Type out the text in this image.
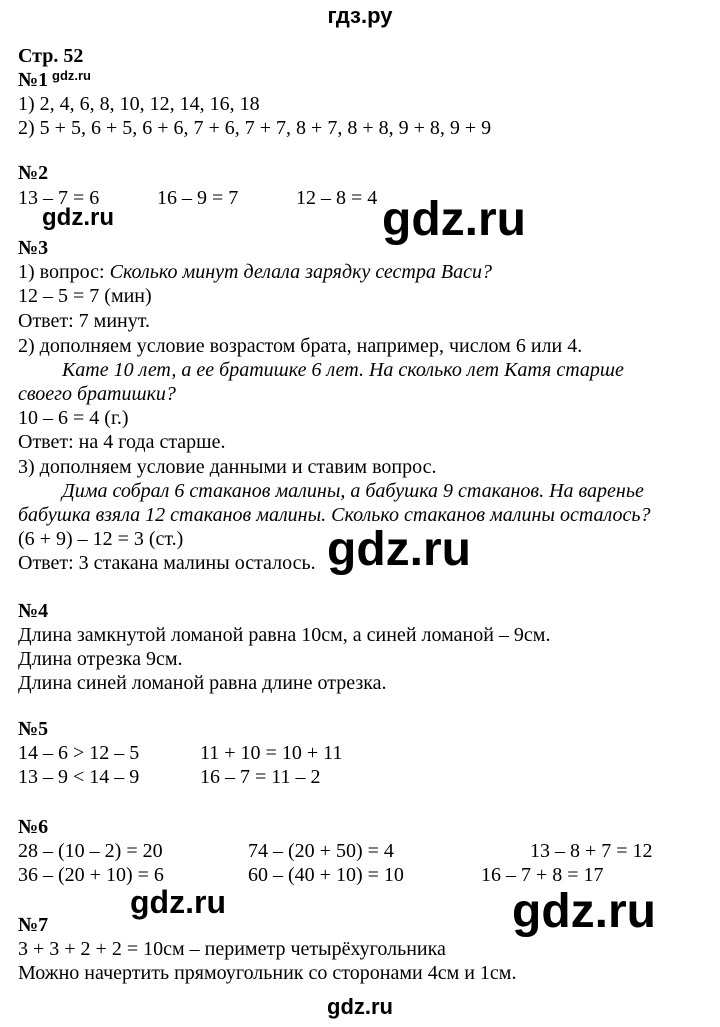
гдз.ру
Стр. 52
№1
1) 2, 4, 6, 8, 10, 12, 14, 16, 18
2) 5 + 5, 6 + 5, 6 + 6, 7 + 6, 7 + 7, 8 + 7, 8 + 8, 9 + 8, 9 + 9
№2
13 – 7 = 6	16 – 9 = 7	12 – 8 = 4
№3
1) вопрос: Сколько минут делала зарядку сестра Васи?
12 – 5 = 7 (мин)
Ответ: 7 минут.
2) дополняем условие возрастом брата, например, числом 6 или 4.
Кате 10 лет, а ее братишке 6 лет. На сколько лет Катя старше
своего братишки?
10 – 6 = 4 (г.)
Ответ: на 4 года старше.
3) дополняем условие данными и ставим вопрос.
Дима собрал 6 стаканов малины, а бабушка 9 стаканов. На варенье
бабушка взяла 12 стаканов малины. Сколько стаканов малины осталось?
(6 + 9) – 12 = 3 (ст.)
Ответ: 3 стакана малины осталось.
№4
Длина замкнутой ломаной равна 10см, а синей ломаной – 9см.
Длина отрезка 9см.
Длина синей ломаной равна длине отрезка.
№5
14 – 6 > 12 – 5	11 + 10 = 10 + 11
13 – 9 < 14 – 9	16 – 7 = 11 – 2
№6
28 – (10 – 2) = 20	74 – (20 + 50) = 4	13 – 8 + 7 = 12
36 – (20 + 10) = 6	60 – (40 + 10) = 10	16 – 7 + 8 = 17
№7
3 + 3 + 2 + 2 = 10см – периметр четырёхугольника
Можно начертить прямоугольник со сторонами 4см и 1см.
gdz.ru
gdz.ru	gdz.ru
gdz.ru
gdz.ru	gdz.ru
gdz.ru
